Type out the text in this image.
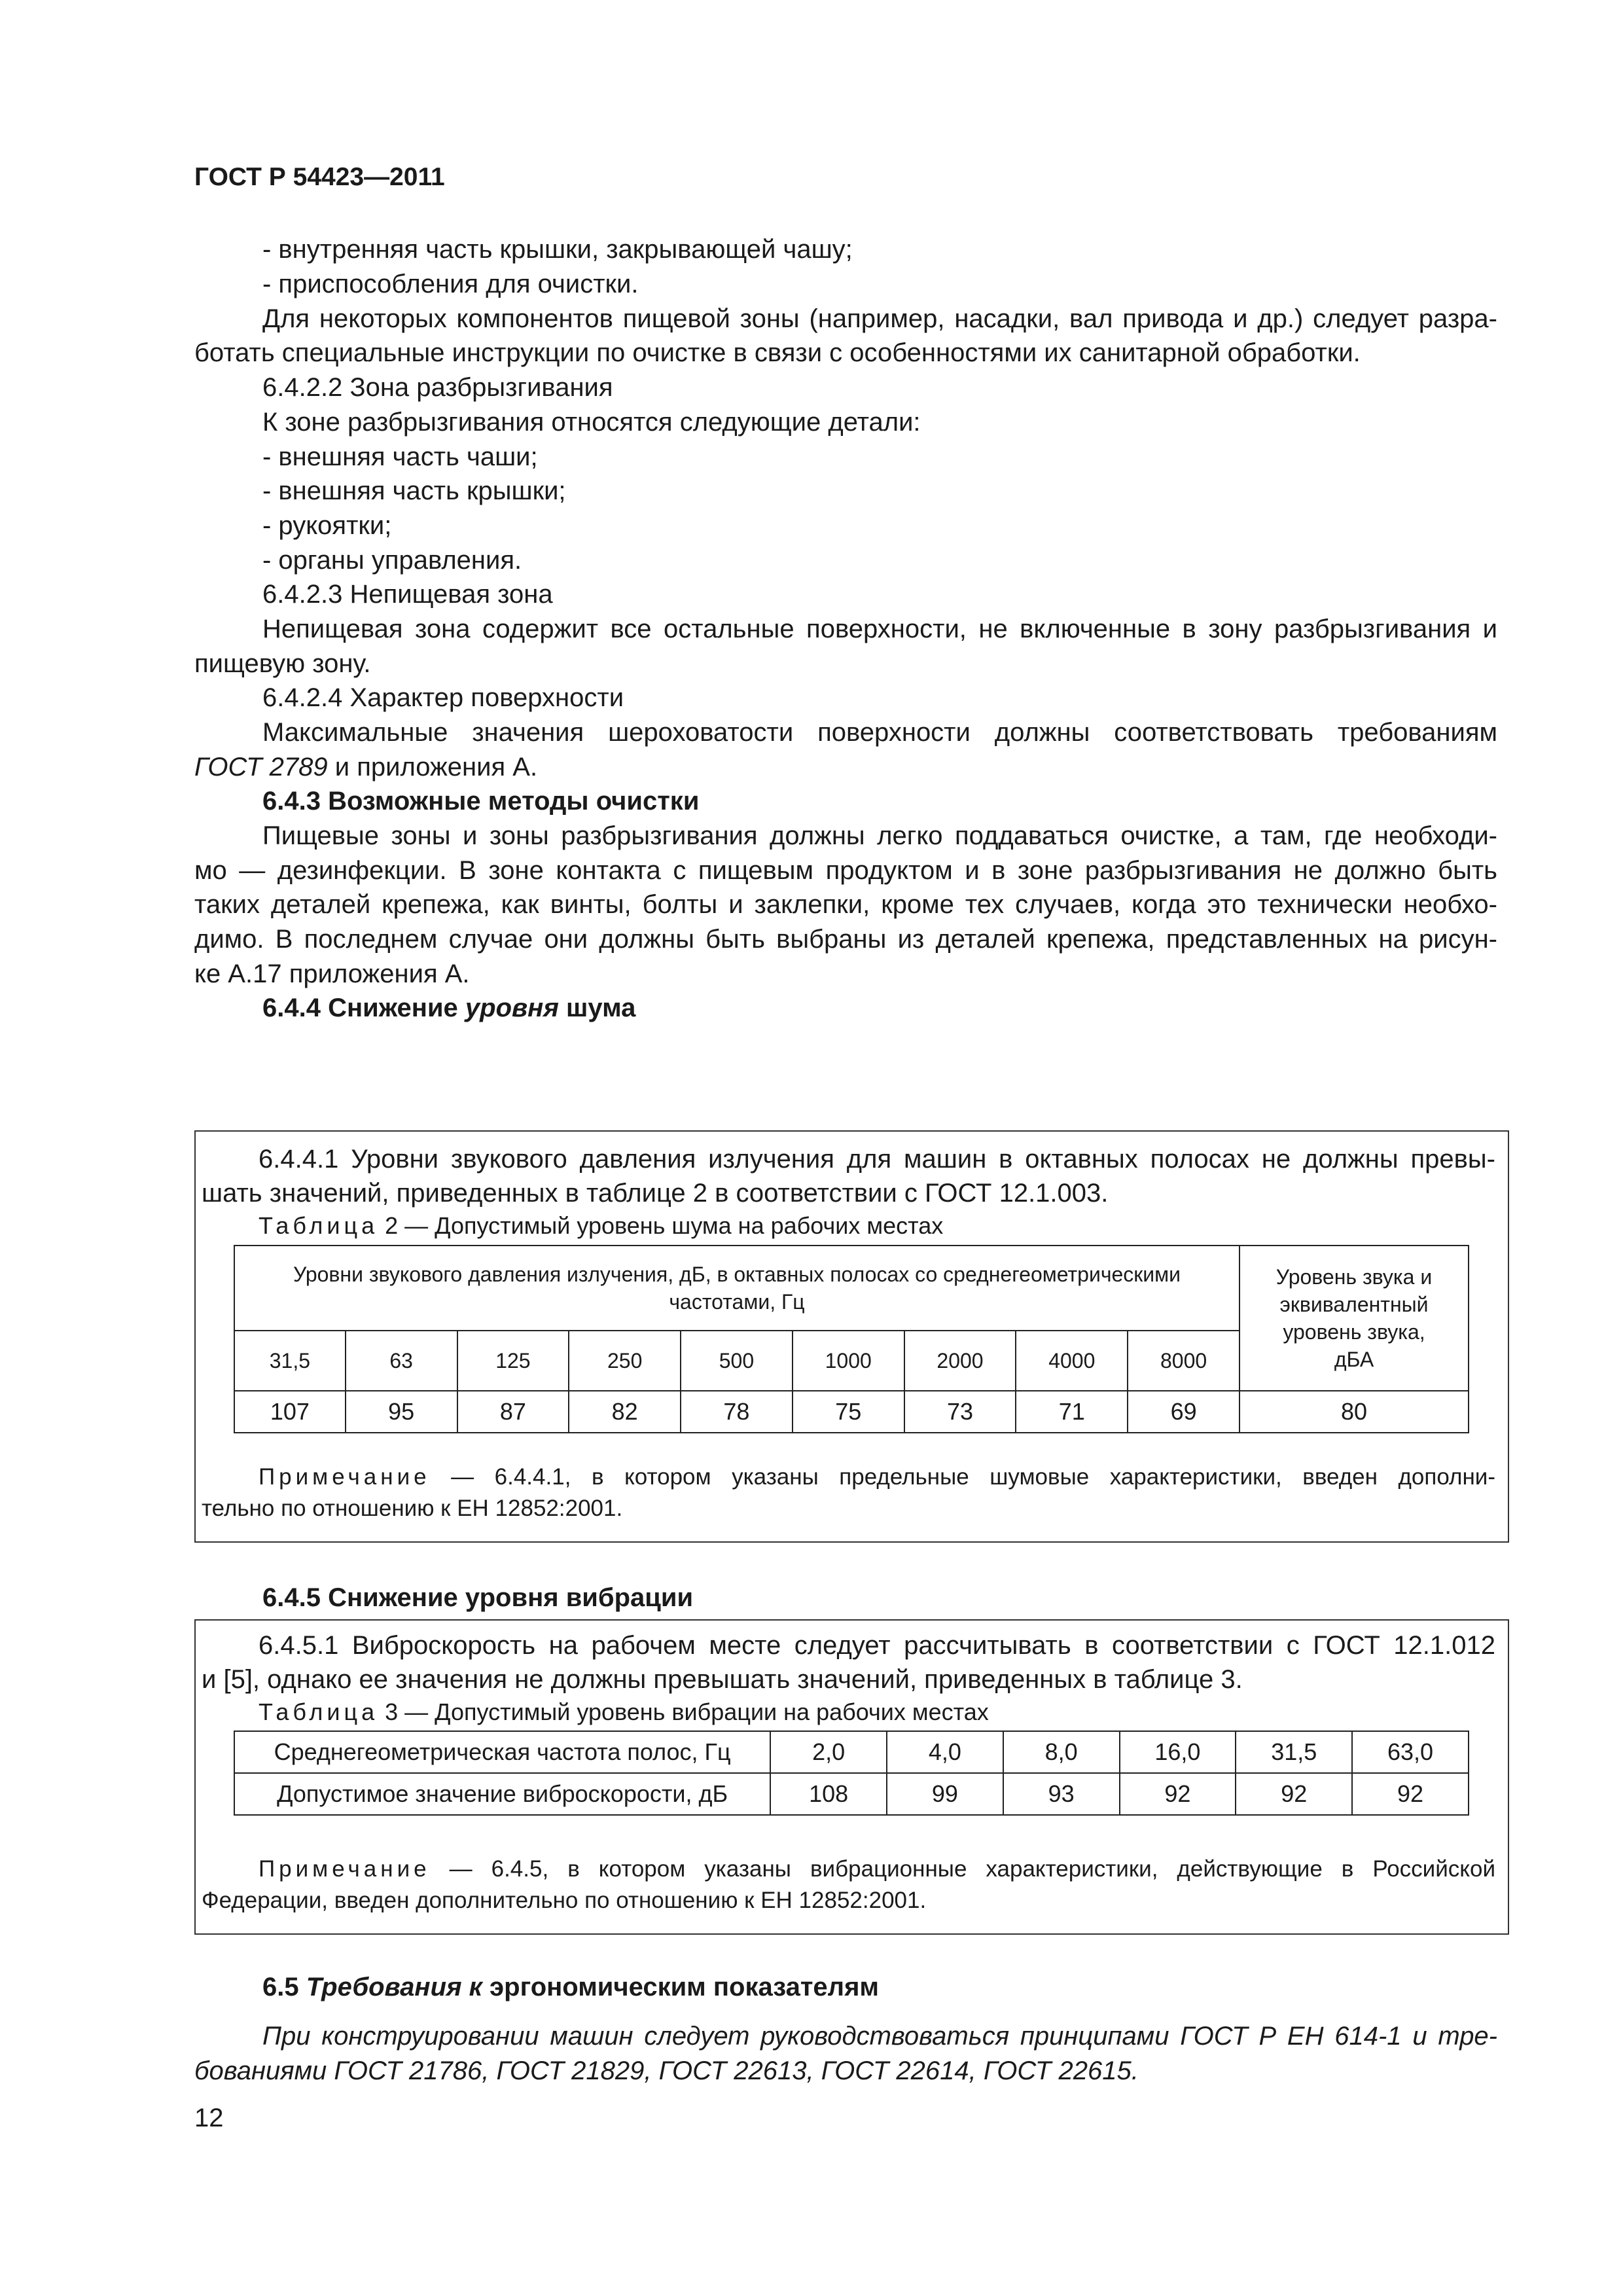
ГОСТ Р 54423—2011
- внутренняя часть крышки, закрывающей чашу;
- приспособления для очистки.
Для некоторых компонентов пищевой зоны (например, насадки, вал привода и др.) следует разра-
ботать специальные инструкции по очистке в связи с особенностями их санитарной обработки.
6.4.2.2 Зона разбрызгивания
К зоне разбрызгивания относятся следующие детали:
- внешняя часть чаши;
- внешняя часть крышки;
- рукоятки;
- органы управления.
6.4.2.3 Непищевая зона
Непищевая зона содержит все остальные поверхности, не включенные в зону разбрызгивания и
пищевую зону.
6.4.2.4 Характер поверхности
Максимальные значения шероховатости поверхности должны соответствовать требованиям
ГОСТ 2789 и приложения А.
6.4.3 Возможные методы очистки
Пищевые зоны и зоны разбрызгивания должны легко поддаваться очистке, а там, где необходи-
мо — дезинфекции. В зоне контакта с пищевым продуктом и в зоне разбрызгивания не должно быть
таких деталей крепежа, как винты, болты и заклепки, кроме тех случаев, когда это технически необхо-
димо. В последнем случае они должны быть выбраны из деталей крепежа, представленных на рисун-
ке А.17 приложения А.
6.4.4 Снижение уровня шума
6.4.4.1 Уровни звукового давления излучения для машин в октавных полосах не должны превы-
шать значений, приведенных в таблице 2 в соответствии с ГОСТ 12.1.003.
Таблица 2 — Допустимый уровень шума на рабочих местах
Уровни звукового давления излучения, дБ, в октавных полосах со среднегеометрическими частотами, Гц									Уровень звука и эквивалентный уровень звука, дБА
31,5	63	125	250	500	1000	2000	4000	8000	
107	95	87	82	78	75	73	71	69	80
Примечание — 6.4.4.1, в котором указаны предельные шумовые характеристики, введен дополни-
тельно по отношению к ЕН 12852:2001.
6.4.5 Снижение уровня вибрации
6.4.5.1 Виброскорость на рабочем месте следует рассчитывать в соответствии с ГОСТ 12.1.012
и [5], однако ее значения не должны превышать значений, приведенных в таблице 3.
Таблица 3 — Допустимый уровень вибрации на рабочих местах
Среднегеометрическая частота полос, Гц	2,0	4,0	8,0	16,0	31,5	63,0
Допустимое значение виброскорости, дБ	108	99	93	92	92	92
Примечание — 6.4.5, в котором указаны вибрационные характеристики, действующие в Российской
Федерации, введен дополнительно по отношению к ЕН 12852:2001.
6.5 Требования к эргономическим показателям
При конструировании машин следует руководствоваться принципами ГОСТ Р ЕН 614-1 и тре-
бованиями ГОСТ 21786, ГОСТ 21829, ГОСТ 22613, ГОСТ 22614, ГОСТ 22615.
12
